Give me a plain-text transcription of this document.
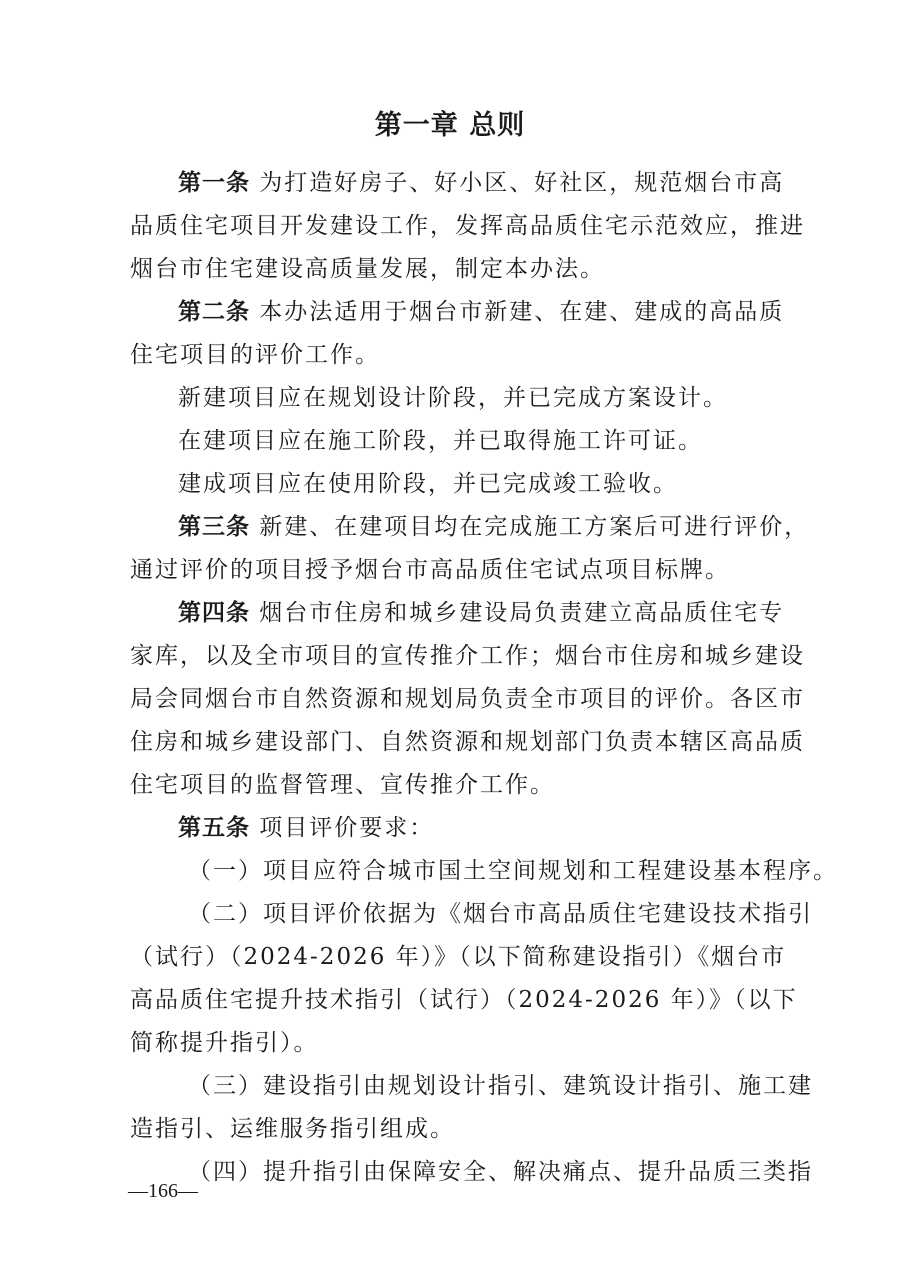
第一章 总则
第一条 为打造好房子、好小区、好社区，规范烟台市高
品质住宅项目开发建设工作，发挥高品质住宅示范效应，推进
烟台市住宅建设高质量发展，制定本办法。
第二条 本办法适用于烟台市新建、在建、建成的高品质
住宅项目的评价工作。
新建项目应在规划设计阶段，并已完成方案设计。
在建项目应在施工阶段，并已取得施工许可证。
建成项目应在使用阶段，并已完成竣工验收。
第三条 新建、在建项目均在完成施工方案后可进行评价，
通过评价的项目授予烟台市高品质住宅试点项目标牌。
第四条 烟台市住房和城乡建设局负责建立高品质住宅专
家库，以及全市项目的宣传推介工作；烟台市住房和城乡建设
局会同烟台市自然资源和规划局负责全市项目的评价。各区市
住房和城乡建设部门、自然资源和规划部门负责本辖区高品质
住宅项目的监督管理、宣传推介工作。
第五条 项目评价要求：
（一）项目应符合城市国土空间规划和工程建设基本程序。
（二）项目评价依据为《烟台市高品质住宅建设技术指引
（试行）（2024-2026 年）》（以下简称建设指引）《烟台市
高品质住宅提升技术指引（试行）（2024-2026 年）》（以下
简称提升指引）。
（三）建设指引由规划设计指引、建筑设计指引、施工建
造指引、运维服务指引组成。
（四）提升指引由保障安全、解决痛点、提升品质三类指
—166—
